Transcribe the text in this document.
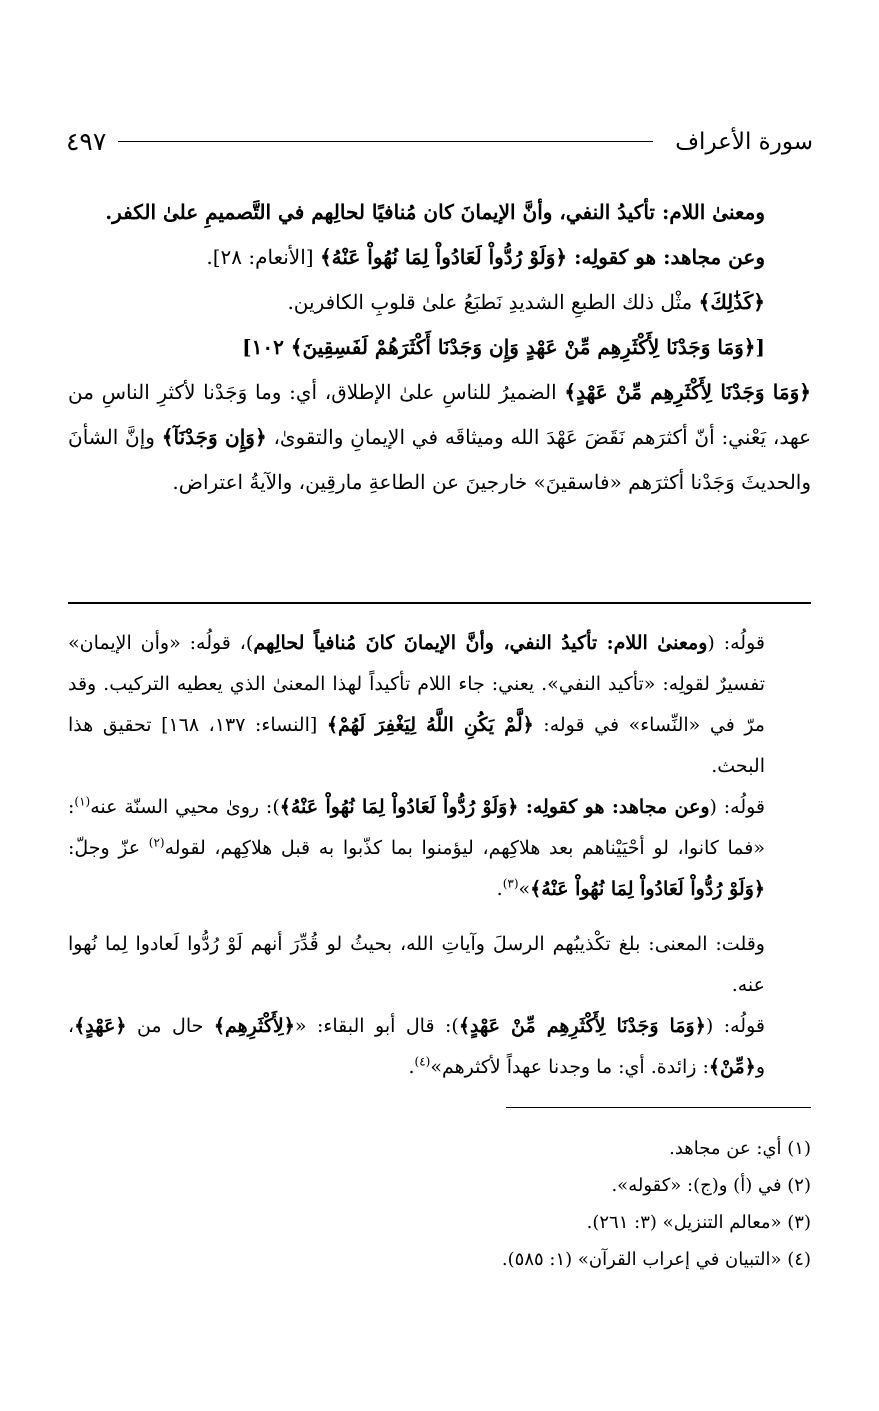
سورة الأعراف
٤٩٧

ومعنىٰ اللام: تأكيدُ النفي، وأنَّ الإيمانَ كان مُنافيًا لحالِهم في التَّصميمِ علىٰ الكفر.

وعن مجاهد: هو كقولِه: ﴿وَلَوْ رُدُّواْ لَعَادُواْ لِمَا نُهُواْ عَنْهُ﴾ [الأنعام: ٢٨].

﴿كَذَٰلِكَ﴾ مثْل ذلك الطبعِ الشديدِ نَطبَعُ علىٰ قلوبِ الكافرين.

[﴿وَمَا وَجَدْنَا لِأَكْثَرِهِم مِّنْ عَهْدٍ وَإِن وَجَدْنَا أَكْثَرَهُمْ لَفَسِقِينَ﴾ ١٠٢]

﴿وَمَا وَجَدْنَا لِأَكْثَرِهِم مِّنْ عَهْدٍ﴾ الضميرُ للناسِ علىٰ الإطلاق، أي: وما وَجَدْنا لأكثرِ الناسِ من عهد، يَعْني: أنّ أكثرَهم نَقَضَ عَهْدَ الله وميثاقَه في الإيمانِ والتقوىٰ، ﴿وَإِن وَجَدْنَآ﴾ وإنَّ الشأنَ والحديثَ وَجَدْنا أكثرَهم «فاسقينَ» خارجينَ عن الطاعةِ مارقِين، والآيةُ اعتراض.

قولُه: (ومعنىٰ اللام: تأكيدُ النفي، وأنَّ الإيمانَ كانَ مُنافياً لحالِهم)، قولُه: «وأن الإيمان» تفسيرٌ لقولِه: «تأكيد النفي». يعني: جاء اللام تأكيداً لهذا المعنىٰ الذي يعطيه التركيب. وقد مرّ في «النِّساء» في قوله: ﴿لَّمْ يَكُنِ اللَّهُ لِيَغْفِرَ لَهُمْ﴾ [النساء: ١٣٧، ١٦٨] تحقيق هذا البحث.

قولُه: (وعن مجاهد: هو كقولِه: ﴿وَلَوْ رُدُّواْ لَعَادُواْ لِمَا نُهُواْ عَنْهُ﴾): روىٰ محيي السنّة عنه$^{(١)}$: «فما كانوا، لو أحْيَيْناهم بعد هلاكِهم، ليؤمنوا بما كذّبوا به قبل هلاكِهم، لقوله$^{(٢)}$ عزّ وجلّ: ﴿وَلَوْ رُدُّواْ لَعَادُواْ لِمَا نُهُواْ عَنْهُ﴾»$^{(٣)}$.

وقلت: المعنى: بلغ تكْذيبُهم الرسلَ وآياتِ الله، بحيثُ لو قُدِّرَ أنهم لَوْ رُدُّوا لَعادوا لِما نُهوا عنه.

قولُه: (﴿وَمَا وَجَدْنَا لِأَكْثَرِهِم مِّنْ عَهْدٍ﴾): قال أبو البقاء: «﴿لِأَكْثَرِهِم﴾ حال من ﴿عَهْدٍ﴾، و﴿مِّنْ﴾: زائدة. أي: ما وجدنا عهداً لأكثرهم»$^{(٤)}$.

(١) أي: عن مجاهد.

(٢) في (أ) و(ج): «كقوله».

(٣) «معالم التنزيل» (٣: ٢٦١).

(٤) «التبيان في إعراب القرآن» (١: ٥٨٥).
